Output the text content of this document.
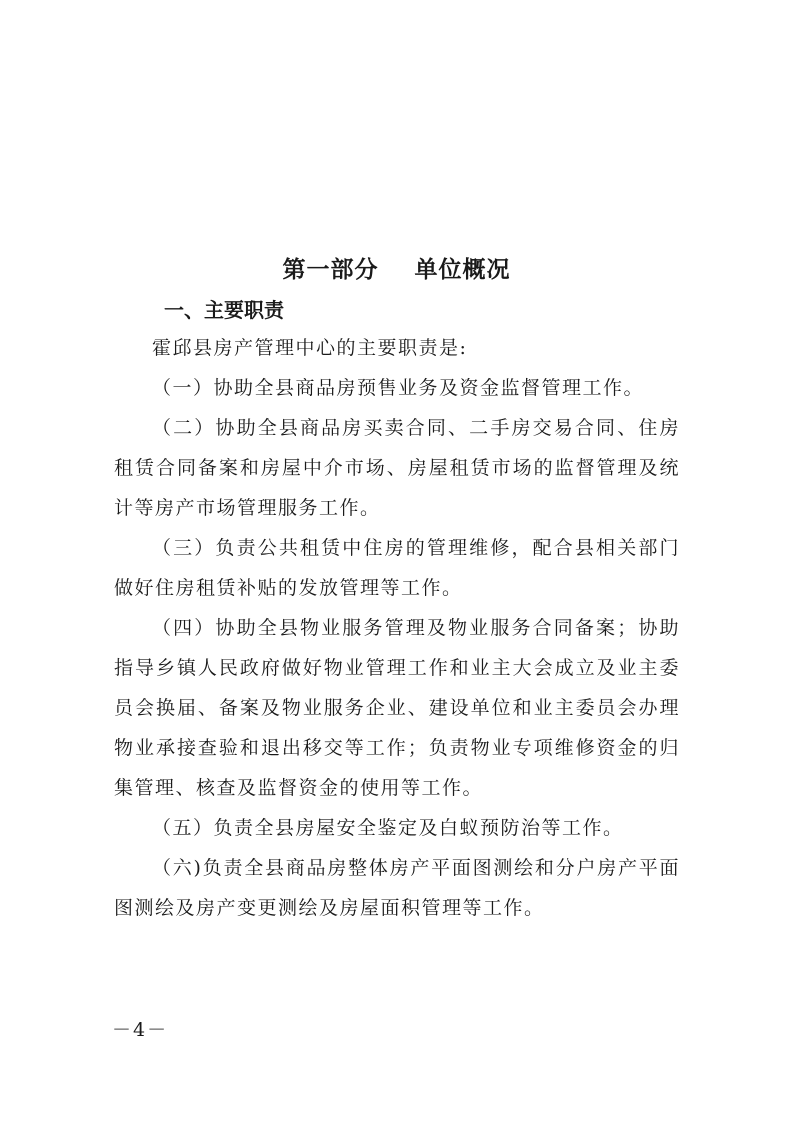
第一部分    单位概况
一、主要职责

霍邱县房产管理中心的主要职责是:

（一）协助全县商品房预售业务及资金监督管理工作。

（二）协助全县商品房买卖合同、二手房交易合同、住房租赁合同备案和房屋中介市场、房屋租赁市场的监督管理及统计等房产市场管理服务工作。

（三）负责公共租赁中住房的管理维修，配合县相关部门做好住房租赁补贴的发放管理等工作。

（四）协助全县物业服务管理及物业服务合同备案；协助指导乡镇人民政府做好物业管理工作和业主大会成立及业主委员会换届、备案及物业服务企业、建设单位和业主委员会办理物业承接查验和退出移交等工作；负责物业专项维修资金的归集管理、核查及监督资金的使用等工作。

（五）负责全县房屋安全鉴定及白蚁预防治等工作。

（六)负责全县商品房整体房产平面图测绘和分户房产平面图测绘及房产变更测绘及房屋面积管理等工作。

－4－
